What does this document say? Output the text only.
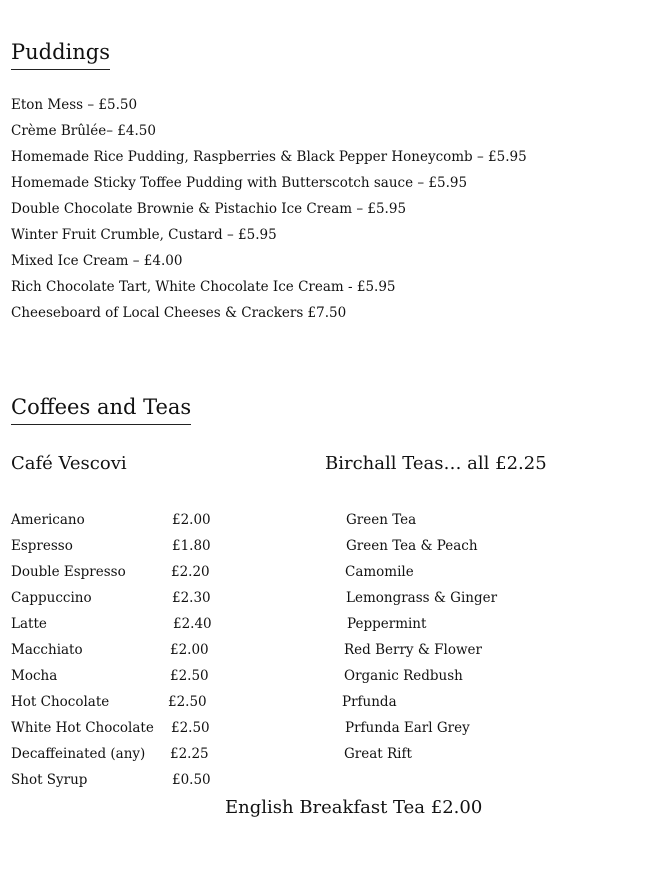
Puddings
Eton Mess – £5.50
Crème Brûlée– £4.50
Homemade Rice Pudding, Raspberries & Black Pepper Honeycomb – £5.95
Homemade Sticky Toffee Pudding with Butterscotch sauce – £5.95
Double Chocolate Brownie & Pistachio Ice Cream – £5.95
Winter Fruit Crumble, Custard – £5.95
Mixed Ice Cream – £4.00
Rich Chocolate Tart, White Chocolate Ice Cream - £5.95
Cheeseboard of Local Cheeses & Crackers £7.50
Coffees and Teas
Café Vescovi	Birchall Teas… all £2.25
Americano	£2.00
Espresso	£1.80
Double Espresso	£2.20
Cappuccino	£2.30
Latte	£2.40
Macchiato	£2.00
Mocha	£2.50
Hot Chocolate	£2.50
White Hot Chocolate £2.50
Decaffeinated (any) £2.25
Shot Syrup	£0.50
Green Tea
Green Tea & Peach
Camomile
Lemongrass & Ginger
Peppermint
Red Berry & Flower
Organic Redbush
Prfunda
Prfunda Earl Grey
Great Rift
English Breakfast Tea £2.00
